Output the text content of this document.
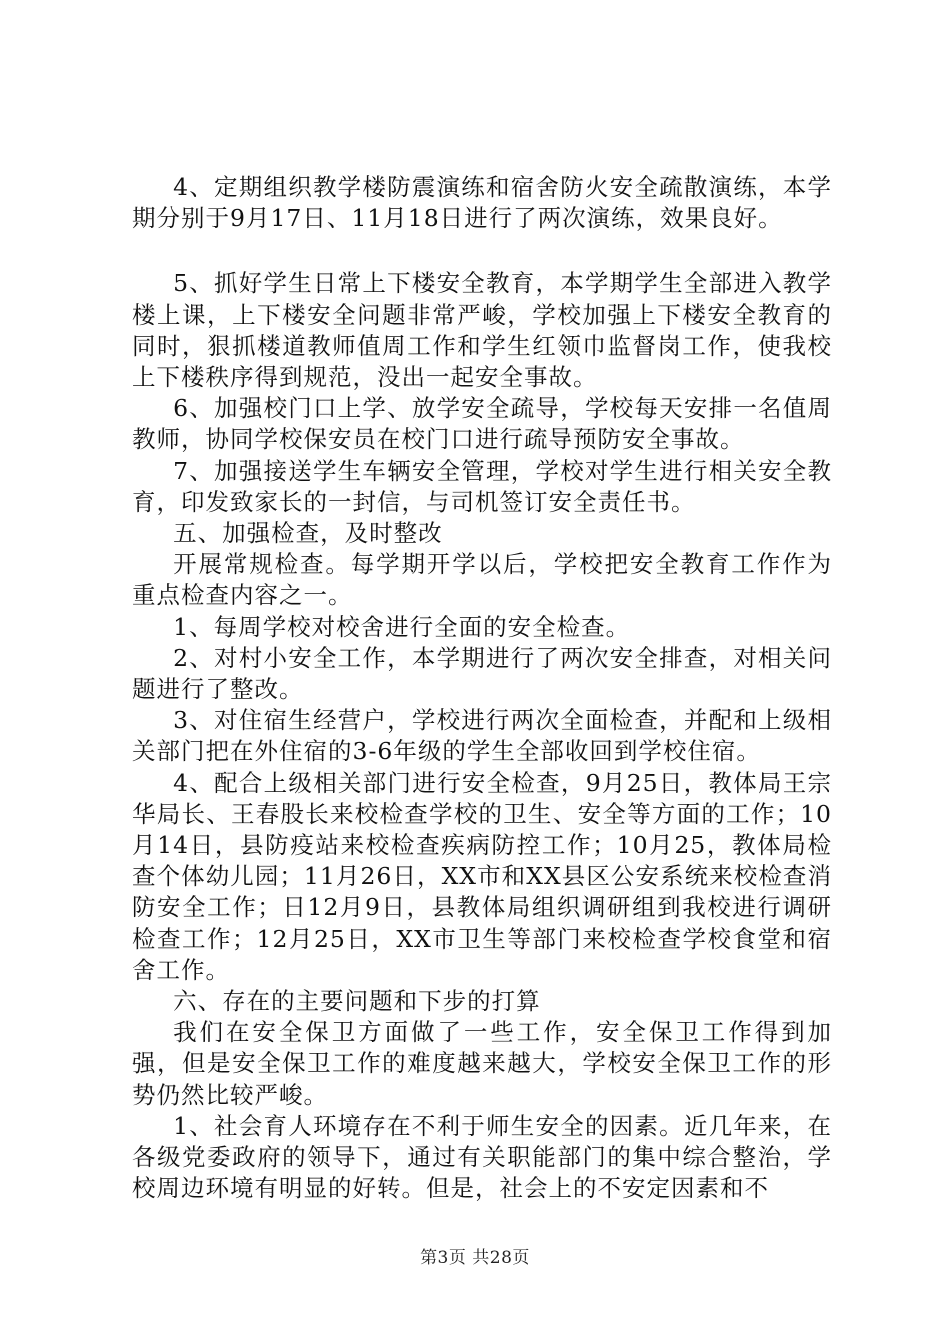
4、定期组织教学楼防震演练和宿舍防火安全疏散演练，本学期分别于9月17日、11月18日进行了两次演练，效果良好。

5、抓好学生日常上下楼安全教育，本学期学生全部进入教学楼上课，上下楼安全问题非常严峻，学校加强上下楼安全教育的同时，狠抓楼道教师值周工作和学生红领巾监督岗工作，使我校上下楼秩序得到规范，没出一起安全事故。

6、加强校门口上学、放学安全疏导，学校每天安排一名值周教师，协同学校保安员在校门口进行疏导预防安全事故。

7、加强接送学生车辆安全管理，学校对学生进行相关安全教育，印发致家长的一封信，与司机签订安全责任书。

五、加强检查，及时整改

开展常规检查。每学期开学以后，学校把安全教育工作作为重点检查内容之一。

1、每周学校对校舍进行全面的安全检查。

2、对村小安全工作，本学期进行了两次安全排查，对相关问题进行了整改。

3、对住宿生经营户，学校进行两次全面检查，并配和上级相关部门把在外住宿的3-6年级的学生全部收回到学校住宿。

4、配合上级相关部门进行安全检查，9月25日，教体局王宗华局长、王春股长来校检查学校的卫生、安全等方面的工作；10月14日，县防疫站来校检查疾病防控工作；10月25，教体局检查个体幼儿园；11月26日，XX市和XX县区公安系统来校检查消防安全工作；日12月9日，县教体局组织调研组到我校进行调研检查工作；12月25日，XX市卫生等部门来校检查学校食堂和宿舍工作。

六、存在的主要问题和下步的打算

我们在安全保卫方面做了一些工作，安全保卫工作得到加强，但是安全保卫工作的难度越来越大，学校安全保卫工作的形势仍然比较严峻。

1、社会育人环境存在不利于师生安全的因素。近几年来，在各级党委政府的领导下，通过有关职能部门的集中综合整治，学校周边环境有明显的好转。但是，社会上的不安定因素和不

第3页 共28页
